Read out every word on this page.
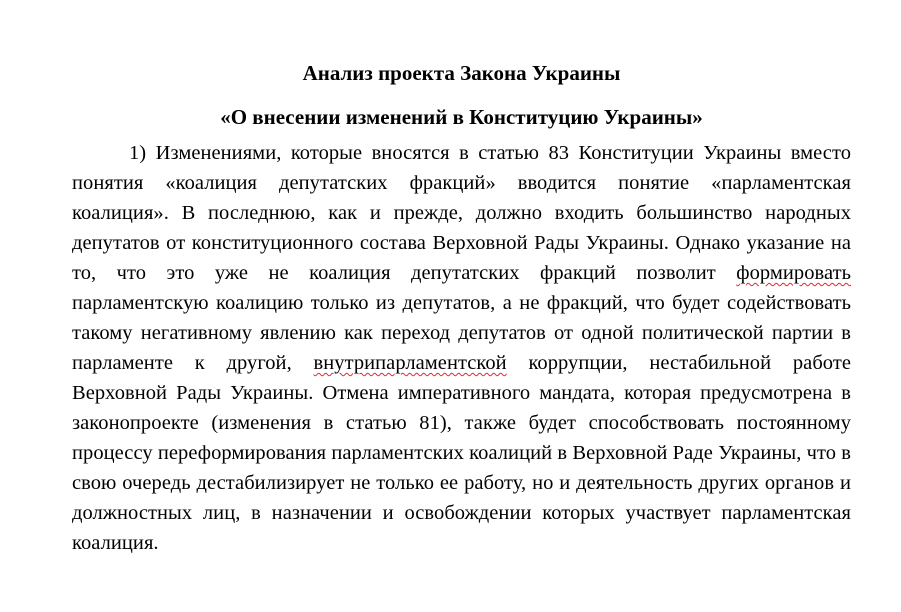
Анализ проекта Закона Украины
«О внесении изменений в Конституцию Украины»

1) Изменениями, которые вносятся в статью 83 Конституции Украины вместо понятия «коалиция депутатских фракций» вводится понятие «парламентская коалиция». В последнюю, как и прежде, должно входить большинство народных депутатов от конституционного состава Верховной Рады Украины. Однако указание на то, что это уже не коалиция депутатских фракций позволит формировать парламентскую коалицию только из депутатов, а не фракций, что будет содействовать такому негативному явлению как переход депутатов от одной политической партии в парламенте к другой, внутрипарламентской коррупции, нестабильной работе Верховной Рады Украины. Отмена императивного мандата, которая предусмотрена в законопроекте (изменения в статью 81), также будет способствовать постоянному процессу переформирования парламентских коалиций в Верховной Раде Украины, что в свою очередь дестабилизирует не только ее работу, но и деятельность других органов и должностных лиц, в назначении и освобождении которых участвует парламентская коалиция.
